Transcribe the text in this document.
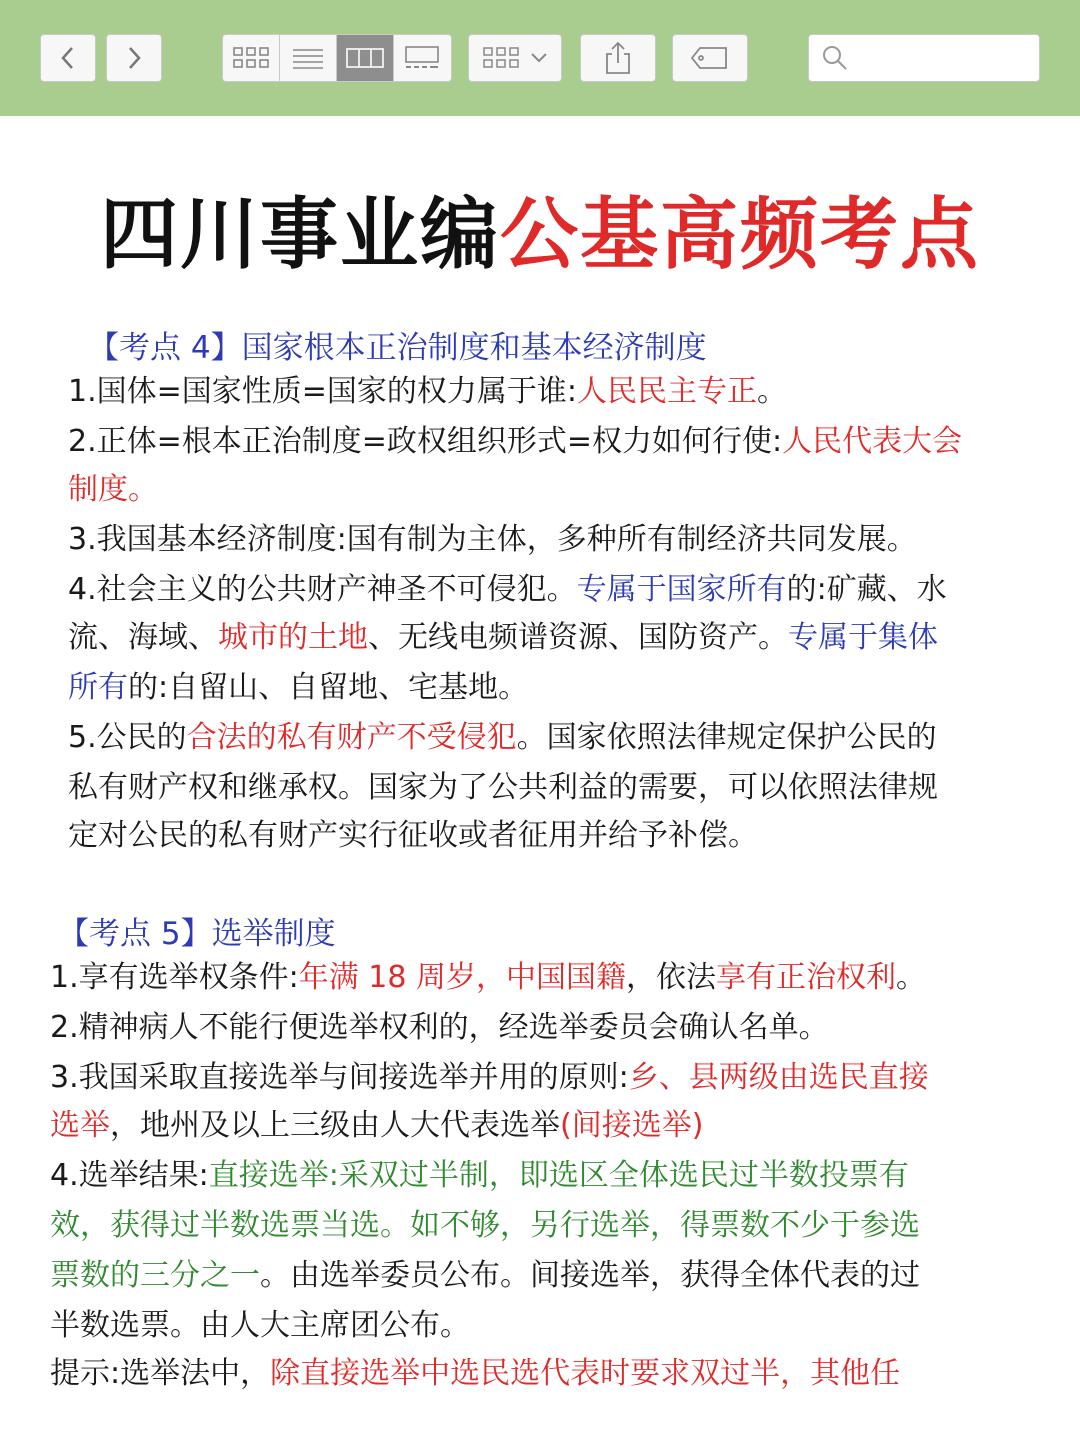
四川事业编公基高频考点
【考点 4】国家根本正治制度和基本经济制度
1.国体=国家性质=国家的权力属于谁:人民民主专正。
2.正体=根本正治制度=政权组织形式=权力如何行使:人民代表大会
制度。
3.我国基本经济制度:国有制为主体，多种所有制经济共同发展。
4.社会主义的公共财产神圣不可侵犯。专属于国家所有的:矿藏、水
流、海域、城市的土地、无线电频谱资源、国防资产。专属于集体
所有的:自留山、自留地、宅基地。
5.公民的合法的私有财产不受侵犯。国家依照法律规定保护公民的
私有财产权和继承权。国家为了公共利益的需要，可以依照法律规
定对公民的私有财产实行征收或者征用并给予补偿。
【考点 5】选举制度
1.享有选举权条件:年满 18 周岁，中国国籍，依法享有正治权利。
2.精神病人不能行便选举权利的，经选举委员会确认名单。
3.我国采取直接选举与间接选举并用的原则:乡、县两级由选民直接
选举，地州及以上三级由人大代表选举(间接选举)
4.选举结果:直接选举:采双过半制，即选区全体选民过半数投票有
效，获得过半数选票当选。如不够，另行选举，得票数不少于参选
票数的三分之一。由选举委员公布。间接选举，获得全体代表的过
半数选票。由人大主席团公布。
提示:选举法中，除直接选举中选民选代表时要求双过半，其他任
